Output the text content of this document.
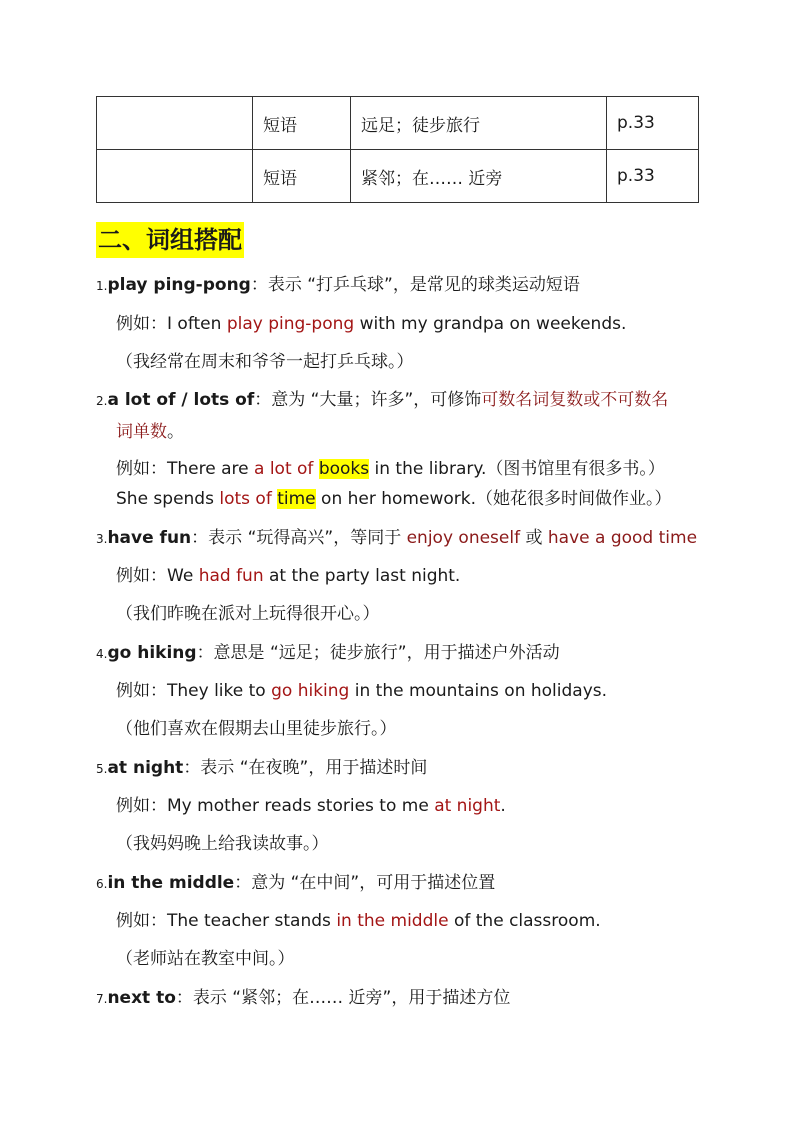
	短语	远足；徒步旅行	p.33
	短语	紧邻；在…… 近旁	p.33
二、词组搭配
1.play ping-pong：表示 “打乒乓球”，是常见的球类运动短语
例如：I often play ping-pong with my grandpa on weekends.
（我经常在周末和爷爷一起打乒乓球。）
2.a lot of / lots of：意为 “大量；许多”，可修饰可数名词复数或不可数名
词单数。
例如：There are a lot of books in the library.（图书馆里有很多书。）
She spends lots of time on her homework.（她花很多时间做作业。）
3.have fun：表示 “玩得高兴”，等同于 enjoy oneself 或 have a good time
例如：We had fun at the party last night.
（我们昨晚在派对上玩得很开心。）
4.go hiking：意思是 “远足；徒步旅行”，用于描述户外活动
例如：They like to go hiking in the mountains on holidays.
（他们喜欢在假期去山里徒步旅行。）
5.at night：表示 “在夜晚”，用于描述时间
例如：My mother reads stories to me at night.
（我妈妈晚上给我读故事。）
6.in the middle：意为 “在中间”，可用于描述位置
例如：The teacher stands in the middle of the classroom.
（老师站在教室中间。）
7.next to：表示 “紧邻；在…… 近旁”，用于描述方位
